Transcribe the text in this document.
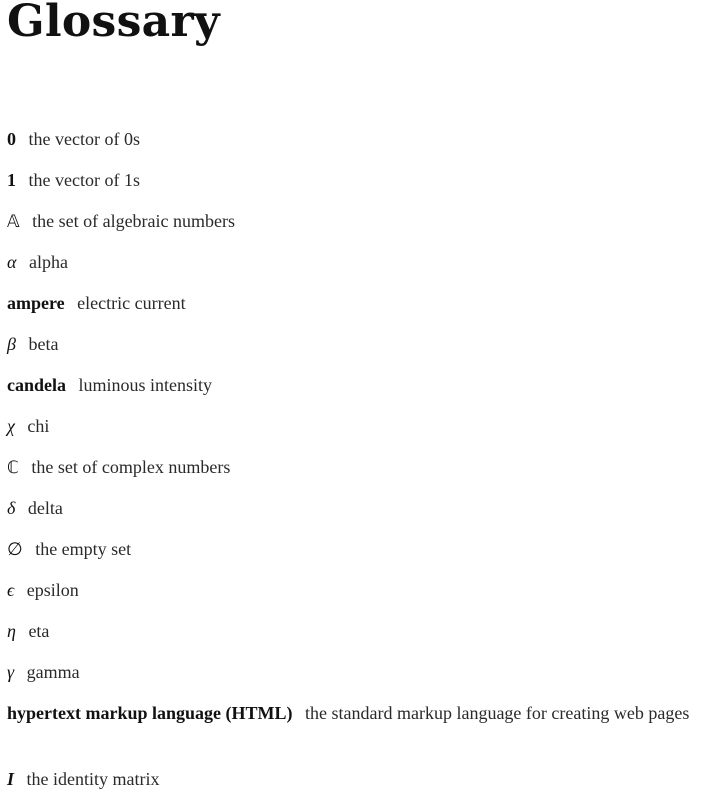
Glossary
0 the vector of 0s
1 the vector of 1s
𝔸 the set of algebraic numbers
α alpha
ampere electric current
β beta
candela luminous intensity
χ chi
ℂ the set of complex numbers
δ delta
∅ the empty set
ϵ epsilon
η eta
γ gamma
hypertext markup language (HTML) the standard markup language for creating web pages
I the identity matrix
